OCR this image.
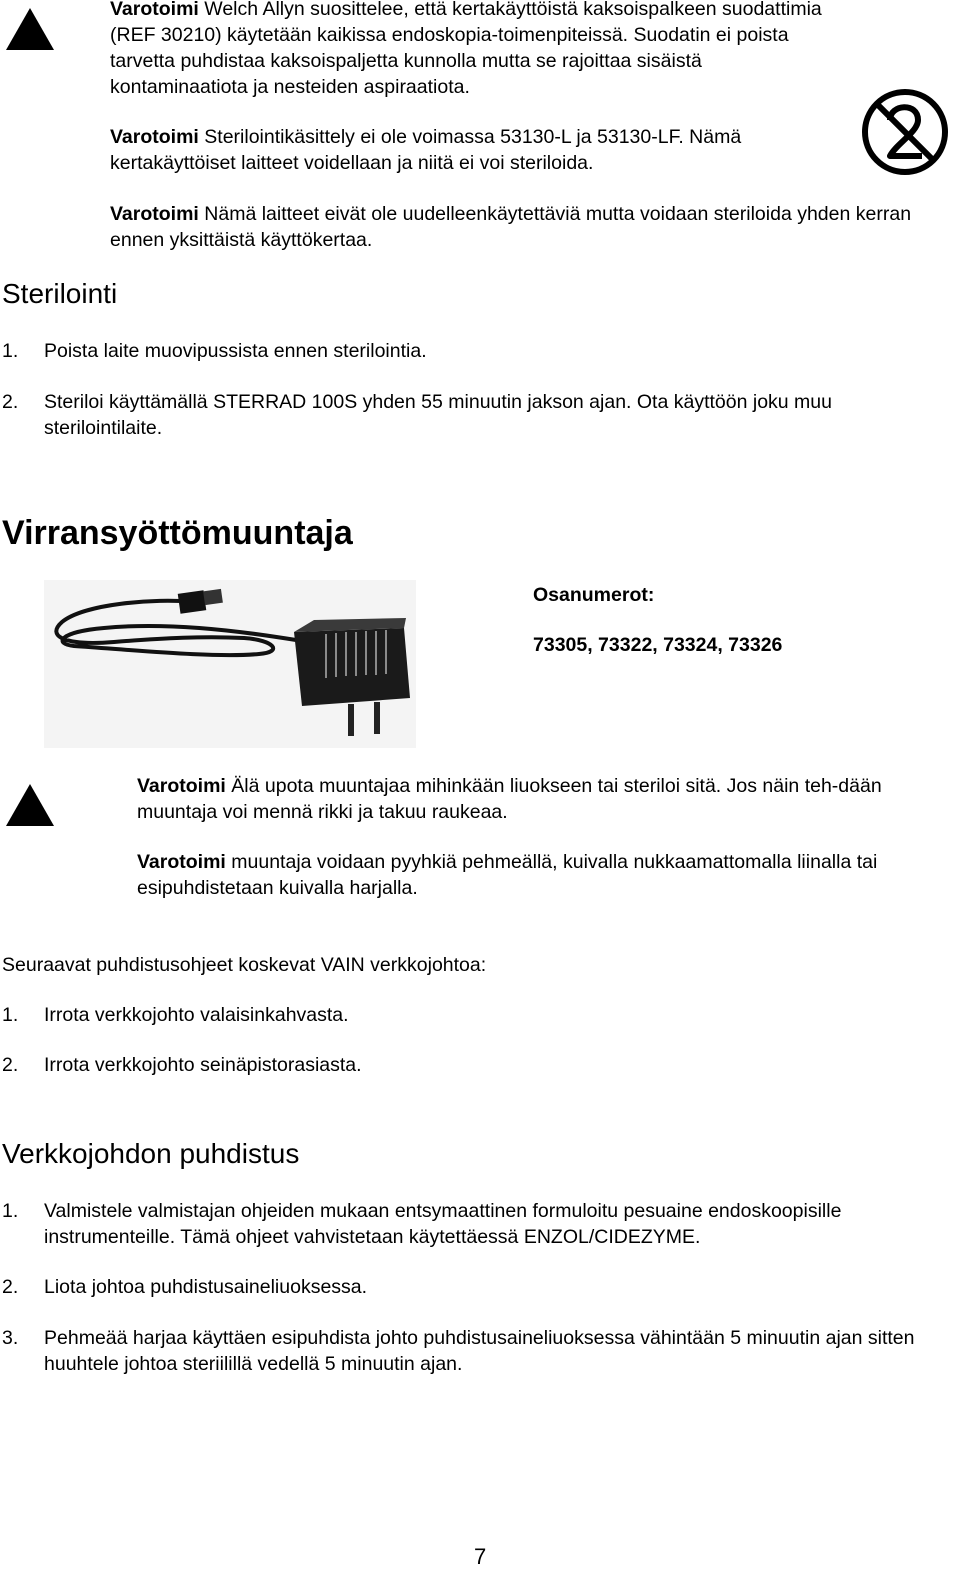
Varotoimi Welch Allyn suosittelee, että kertakäyttöistä kaksoispalkeen suodattimia (REF 30210) käytetään kaikissa endoskopia-toimenpiteissä. Suodatin ei poista tarvetta puhdistaa kaksoispaljetta kunnolla mutta se rajoittaa sisäistä kontaminaatiota ja nesteiden aspiraatiota.
Varotoimi Sterilointikäsittely ei ole voimassa 53130-L ja 53130-LF. Nämä kertakäyttöiset laitteet voidellaan ja niitä ei voi steriloida.
Varotoimi Nämä laitteet eivät ole uudelleenkäytettäviä mutta voidaan steriloida yhden kerran ennen yksittäistä käyttökertaa.
Sterilointi
1. Poista laite muovipussista ennen sterilointia.
2. Steriloi käyttämällä STERRAD 100S yhden 55 minuutin jakson ajan. Ota käyttöön joku muu sterilointilaite.
Virransyöttömuuntaja
Osanumerot:
73305, 73322, 73324, 73326
Varotoimi Älä upota muuntajaa mihinkään liuokseen tai steriloi sitä. Jos näin teh-dään muuntaja voi mennä rikki ja takuu raukeaa.
Varotoimi muuntaja voidaan pyyhkiä pehmeällä, kuivalla nukkaamattomalla liinalla tai esipuhdistetaan kuivalla harjalla.
Seuraavat puhdistusohjeet koskevat VAIN verkkojohtoa:
1. Irrota verkkojohto valaisinkahvasta.
2. Irrota verkkojohto seinäpistorasiasta.
Verkkojohdon puhdistus
1. Valmistele valmistajan ohjeiden mukaan entsymaattinen formuloitu pesuaine endoskoopisille instrumenteille. Tämä ohjeet vahvistetaan käytettäessä ENZOL/CIDEZYME.
2. Liota johtoa puhdistusaineliuoksessa.
3. Pehmeää harjaa käyttäen esipuhdista johto puhdistusaineliuoksessa vähintään 5 minuutin ajan sitten huuhtele johtoa steriilillä vedellä 5 minuutin ajan.
7
